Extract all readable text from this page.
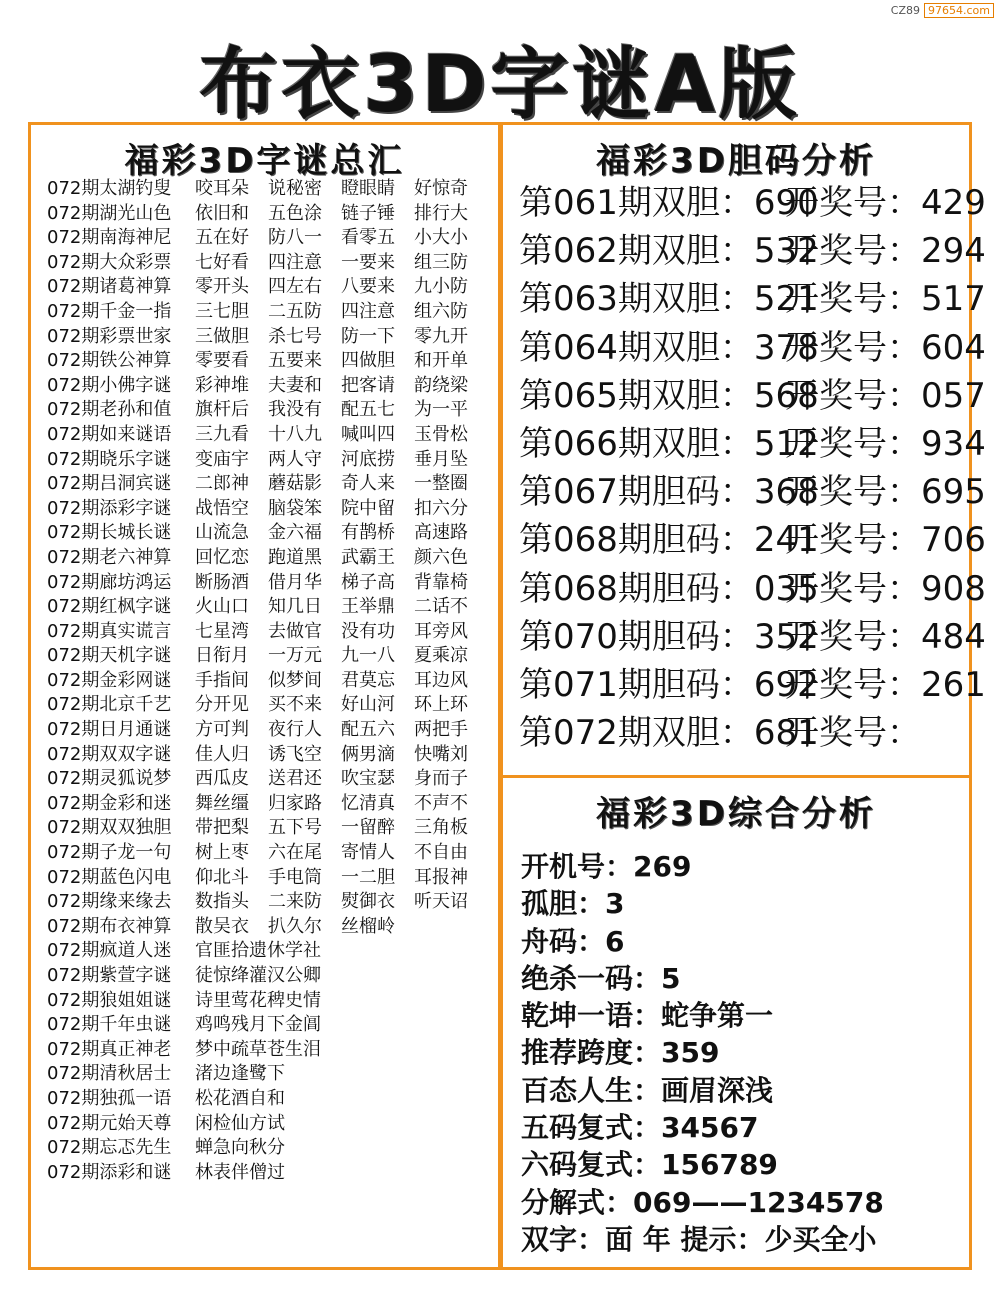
CZ89 97654.com
布衣3D字谜A版
福彩3D字谜总汇
072期太湖钓叟	咬耳朵	说秘密	瞪眼睛	好惊奇
072期湖光山色	依旧和	五色涂	链子锤	排行大
072期南海神尼	五在好	防八一	看零五	小大小
072期大众彩票	七好看	四注意	一要来	组三防
072期诸葛神算	零开头	四左右	八要来	九小防
072期千金一指	三七胆	二五防	四注意	组六防
072期彩票世家	三做胆	杀七号	防一下	零九开
072期铁公神算	零要看	五要来	四做胆	和开单
072期小佛字谜	彩神堆	夫妻和	把客请	韵绕梁
072期老孙和值	旗杆后	我没有	配五七	为一平
072期如来谜语	三九看	十八九	喊叫四	玉骨松
072期晓乐字谜	变庙宇	两人守	河底捞	垂月坠
072期吕洞宾谜	二郎神	蘑菇影	奇人来	一整圈
072期添彩字谜	战悟空	脑袋笨	院中留	扣六分
072期长城长谜	山流急	金六福	有鹊桥	高速路
072期老六神算	回忆恋	跑道黑	武霸王	颜六色
072期廊坊鸿运	断肠酒	借月华	梯子高	背靠椅
072期红枫字谜	火山口	知几日	王举鼎	二话不
072期真实谎言	七星湾	去做官	没有功	耳旁风
072期天机字谜	日衔月	一万元	九一八	夏乘凉
072期金彩网谜	手指间	似梦间	君莫忘	耳边风
072期北京千艺	分开见	买不来	好山河	环上环
072期日月通谜	方可判	夜行人	配五六	两把手
072期双双字谜	佳人归	诱飞空	俩男滴	快嘴刘
072期灵狐说梦	西瓜皮	送君还	吹宝瑟	身而子
072期金彩和迷	舞丝缰	归家路	忆清真	不声不
072期双双独胆	带把梨	五下号	一留醉	三角板
072期子龙一句	树上枣	六在尾	寄情人	不自由
072期蓝色闪电	仰北斗	手电筒	一二胆	耳报神
072期缘来缘去	数指头	二来防	熨御衣	听天诏
072期布衣神算	散吴衣	扒久尔	丝榴岭
072期疯道人迷	官匪拾遗休学社
072期紫萱字谜	徒惊绛灌汉公卿
072期狼姐姐谜	诗里莺花稗史情
072期千年虫谜	鸡鸣残月下金阊
072期真正神老	梦中疏草苍生泪
072期清秋居士	渚边逢鹭下
072期独孤一语	松花酒自和
072期元始天尊	闲检仙方试
072期忘忑先生	蝉急向秋分
072期添彩和谜	林表伴僧过
福彩3D胆码分析
第061期双胆：690
开奖号：429
第062期双胆：532
开奖号：294
第063期双胆：521
开奖号：517
第064期双胆：378
开奖号：604
第065期双胆：568
开奖号：057
第066期双胆：512
开奖号：934
第067期胆码：368
开奖号：695
第068期胆码：241
开奖号：706
第068期胆码：035
开奖号：908
第070期胆码：352
开奖号：484
第071期胆码：692
开奖号：261
第072期双胆：681
开奖号：
福彩3D综合分析
开机号： 269
孤胆： 3
舟码： 6
绝杀一码： 5
乾坤一语： 蛇争第一
推荐跨度： 359
百态人生： 画眉深浅
五码复式： 34567
六码复式： 156789
分解式： 069——1234578
双字： 面 年 提示：少买全小
